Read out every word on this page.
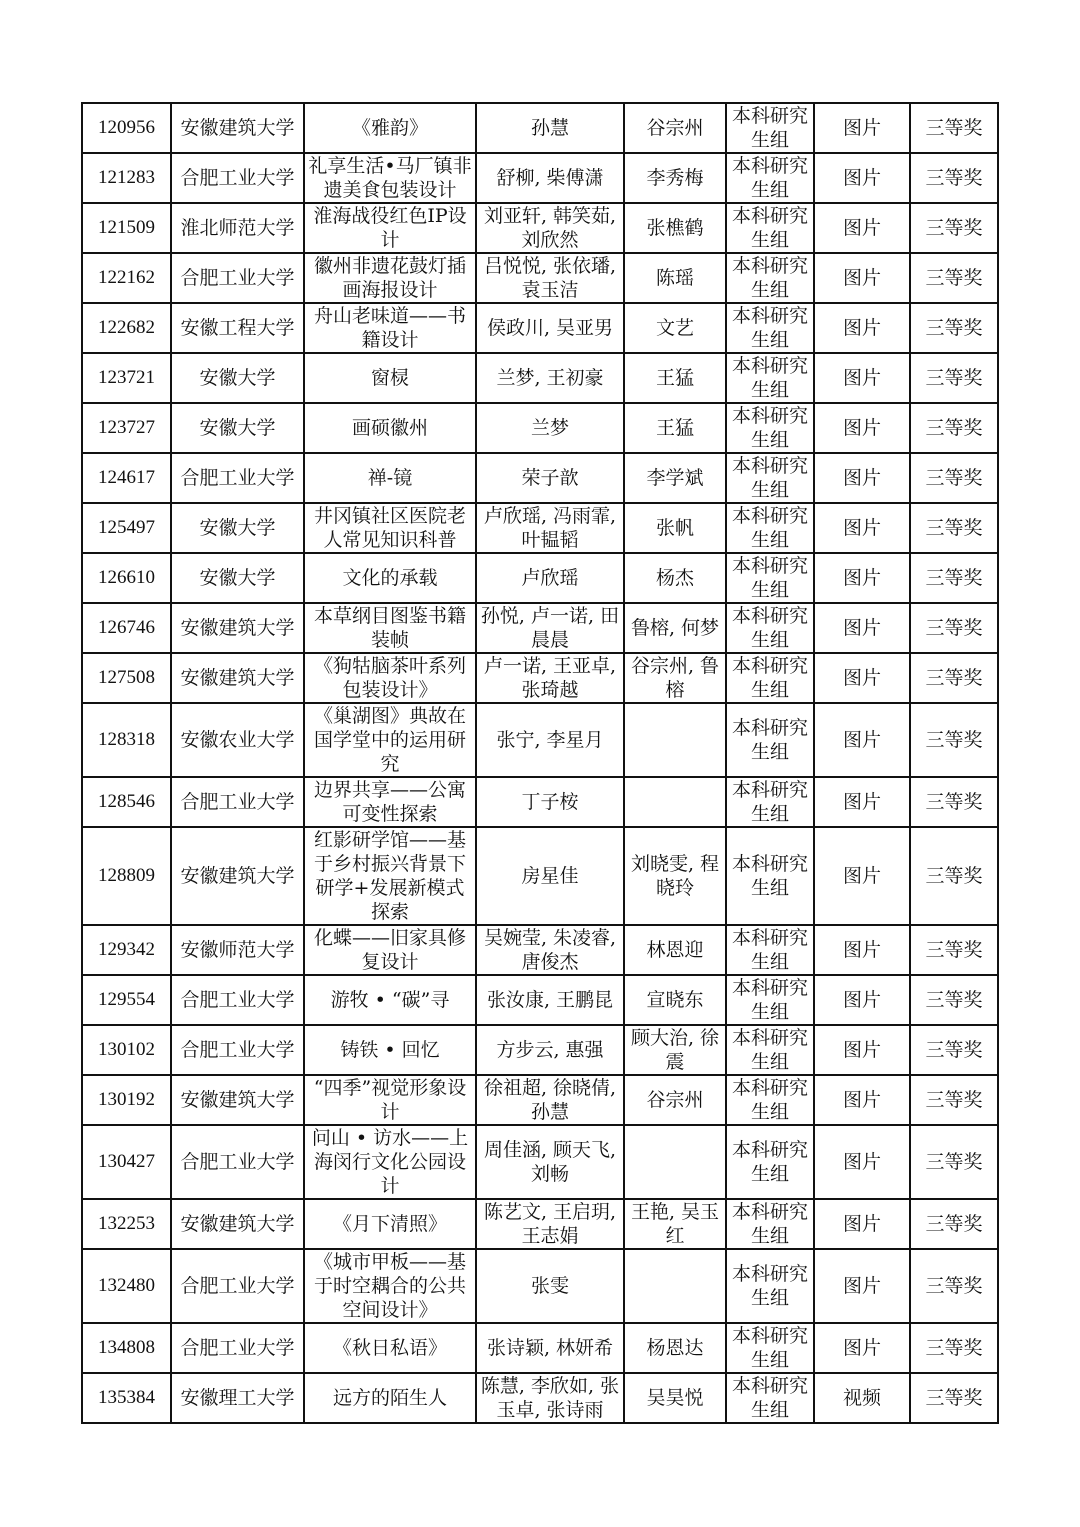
120956	安徽建筑大学	《雅韵》	孙慧	谷宗州	本科研究生组	图片	三等奖
121283	合肥工业大学	礼享生活•马厂镇非遗美食包装设计	舒柳, 柴傅潇	李秀梅	本科研究生组	图片	三等奖
121509	淮北师范大学	淮海战役红色IP设计	刘亚轩, 韩笑茹, 刘欣然	张樵鹤	本科研究生组	图片	三等奖
122162	合肥工业大学	徽州非遗花鼓灯插画海报设计	吕悦悦, 张依璠, 袁玉洁	陈瑶	本科研究生组	图片	三等奖
122682	安徽工程大学	舟山老味道——书籍设计	侯政川, 吴亚男	文艺	本科研究生组	图片	三等奖
123721	安徽大学	窗棂	兰梦, 王初豪	王猛	本科研究生组	图片	三等奖
123727	安徽大学	画硕徽州	兰梦	王猛	本科研究生组	图片	三等奖
124617	合肥工业大学	禅-镜	荣子歆	李学斌	本科研究生组	图片	三等奖
125497	安徽大学	井冈镇社区医院老人常见知识科普	卢欣瑶, 冯雨霏, 叶韫韬	张帆	本科研究生组	图片	三等奖
126610	安徽大学	文化的承载	卢欣瑶	杨杰	本科研究生组	图片	三等奖
126746	安徽建筑大学	本草纲目图鉴书籍装帧	孙悦, 卢一诺, 田晨晨	鲁榕, 何梦	本科研究生组	图片	三等奖
127508	安徽建筑大学	《狗牯脑茶叶系列包装设计》	卢一诺, 王亚卓, 张琦越	谷宗州, 鲁榕	本科研究生组	图片	三等奖
128318	安徽农业大学	《巢湖图》典故在国学堂中的运用研究	张宁, 李星月		本科研究生组	图片	三等奖
128546	合肥工业大学	边界共享——公寓可变性探索	丁子桉		本科研究生组	图片	三等奖
128809	安徽建筑大学	红影研学馆——基于乡村振兴背景下研学+发展新模式探索	房星佳	刘晓雯, 程晓玲	本科研究生组	图片	三等奖
129342	安徽师范大学	化蝶——旧家具修复设计	吴婉莹, 朱凌睿, 唐俊杰	林恩迎	本科研究生组	图片	三等奖
129554	合肥工业大学	游牧 • “碳”寻	张汝康, 王鹏昆	宣晓东	本科研究生组	图片	三等奖
130102	合肥工业大学	铸铁 • 回忆	方步云, 惠强	顾大治, 徐震	本科研究生组	图片	三等奖
130192	安徽建筑大学	“四季”视觉形象设计	徐祖超, 徐晓倩, 孙慧	谷宗州	本科研究生组	图片	三等奖
130427	合肥工业大学	问山 • 访水——上海闵行文化公园设计	周佳涵, 顾天飞, 刘畅		本科研究生组	图片	三等奖
132253	安徽建筑大学	《月下清照》	陈艺文, 王启玥, 王志娟	王艳, 吴玉红	本科研究生组	图片	三等奖
132480	合肥工业大学	《城市甲板——基于时空耦合的公共空间设计》	张雯		本科研究生组	图片	三等奖
134808	合肥工业大学	《秋日私语》	张诗颖, 林妍希	杨恩达	本科研究生组	图片	三等奖
135384	安徽理工大学	远方的陌生人	陈慧, 李欣如, 张玉卓, 张诗雨	吴昊悦	本科研究生组	视频	三等奖
